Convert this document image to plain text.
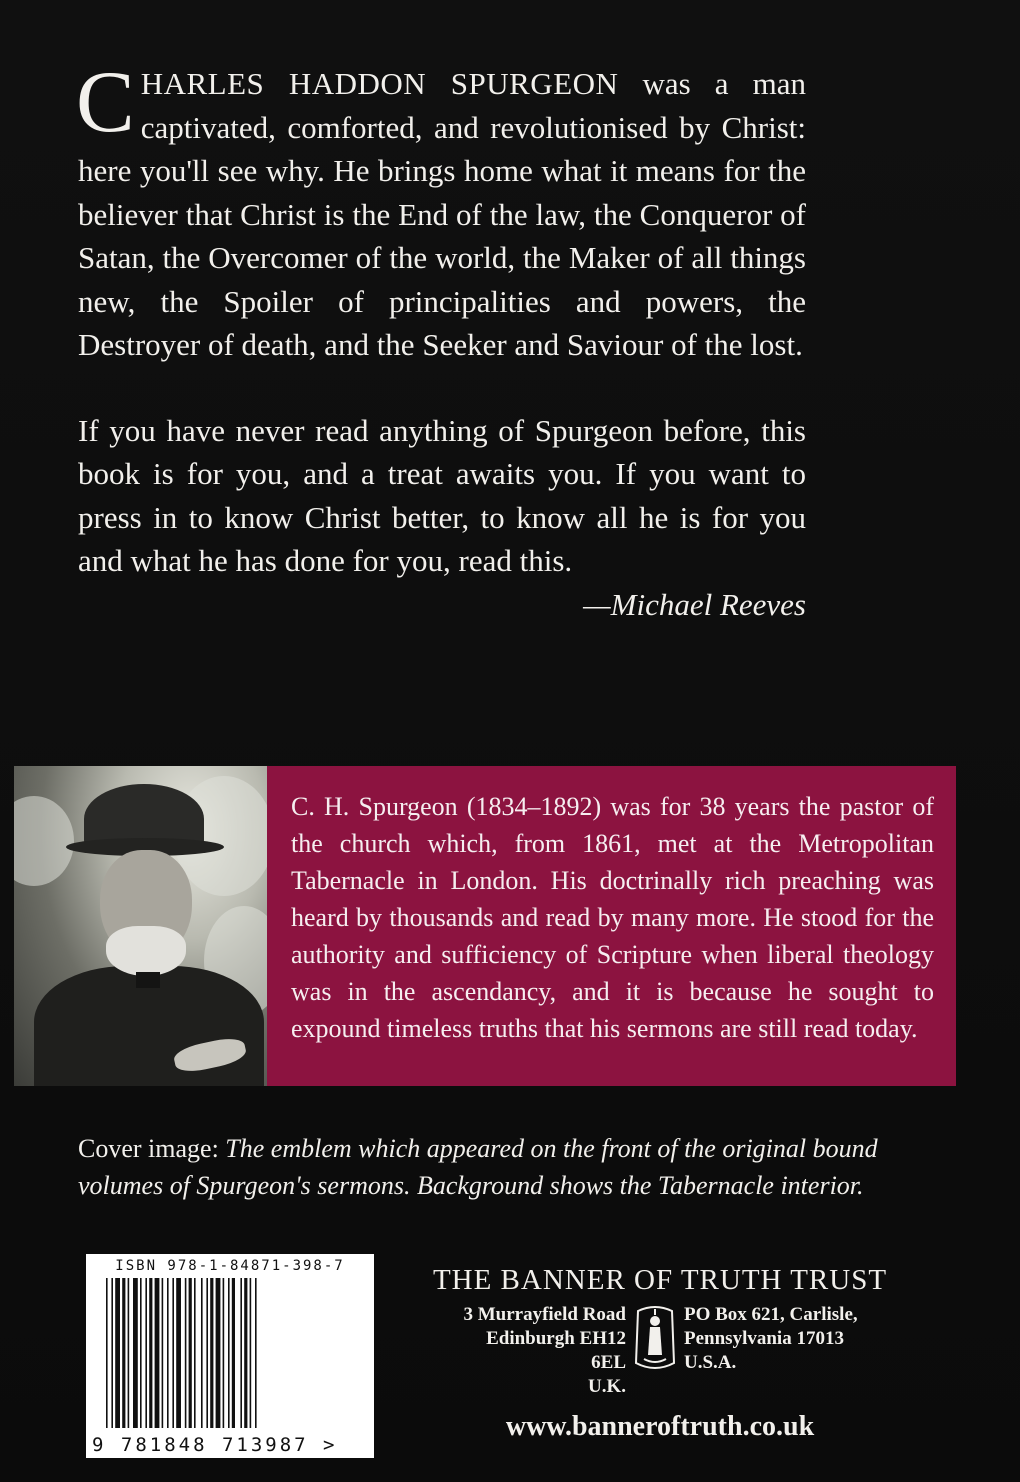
CHARLES HADDON SPURGEON was a man captivated, comforted, and revolutionised by Christ: here you'll see why. He brings home what it means for the believer that Christ is the End of the law, the Conqueror of Satan, the Overcomer of the world, the Maker of all things new, the Spoiler of principalities and powers, the Destroyer of death, and the Seeker and Saviour of the lost.

If you have never read anything of Spurgeon before, this book is for you, and a treat awaits you. If you want to press in to know Christ better, to know all he is for you and what he has done for you, read this.

—Michael Reeves

C. H. Spurgeon (1834–1892) was for 38 years the pastor of the church which, from 1861, met at the Metropolitan Tabernacle in London. His doctrinally rich preaching was heard by thousands and read by many more. He stood for the authority and sufficiency of Scripture when liberal theology was in the ascendancy, and it is because he sought to expound timeless truths that his sermons are still read today.
Cover image: The emblem which appeared on the front of the original bound volumes of Spurgeon's sermons. Background shows the Tabernacle interior.
ISBN 978-1-84871-398-7
9 781848 713987 >
THE BANNER OF TRUTH TRUST
3 Murrayfield Road
Edinburgh EH12 6EL
U.K.
PO Box 621, Carlisle,
Pennsylvania 17013
U.S.A.
www.banneroftruth.co.uk
